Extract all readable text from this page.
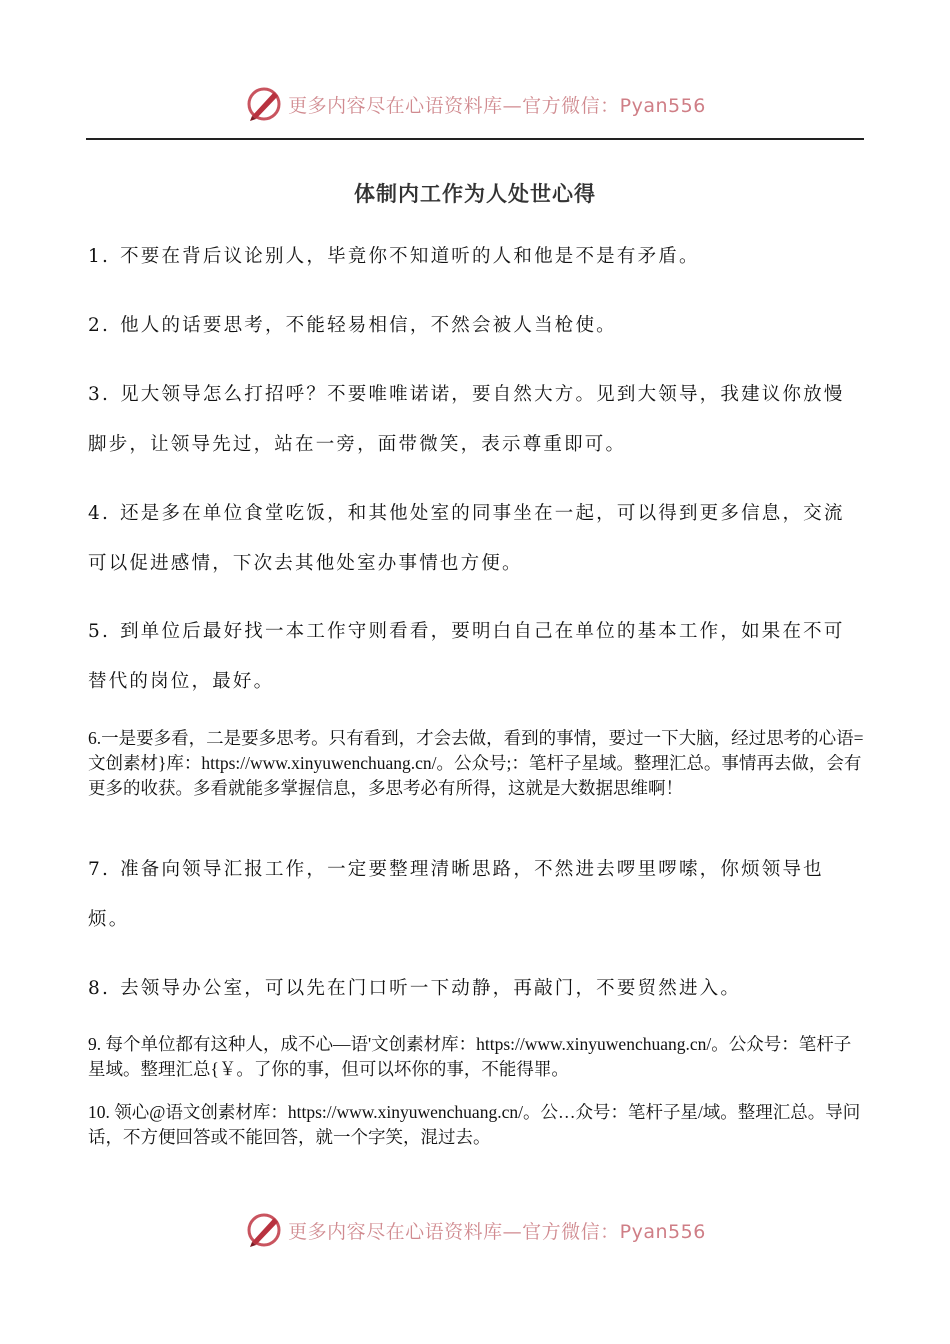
更多内容尽在心语资料库—官方微信：Pyan556
体制内工作为人处世心得

1. 不要在背后议论别人，毕竟你不知道听的人和他是不是有矛盾。

2. 他人的话要思考，不能轻易相信，不然会被人当枪使。

3. 见大领导怎么打招呼？不要唯唯诺诺，要自然大方。见到大领导，我建议你放慢脚步，让领导先过，站在一旁，面带微笑，表示尊重即可。

4. 还是多在单位食堂吃饭，和其他处室的同事坐在一起，可以得到更多信息，交流可以促进感情，下次去其他处室办事情也方便。

5. 到单位后最好找一本工作守则看看，要明白自己在单位的基本工作，如果在不可替代的岗位，最好。

6.一是要多看，二是要多思考。只有看到，才会去做，看到的事情，要过一下大脑，经过思考的心语=文创素材}库：https://www.xinyuwenchuang.cn/。公众号;：笔杆子星域。整理汇总。事情再去做，会有更多的收获。多看就能多掌握信息，多思考必有所得，这就是大数据思维啊！

7. 准备向领导汇报工作，一定要整理清晰思路，不然进去啰里啰嗦，你烦领导也烦。

8. 去领导办公室，可以先在门口听一下动静，再敲门，不要贸然进入。

9. 每个单位都有这种人，成不心—语'文创素材库：https://www.xinyuwenchuang.cn/。公众号：笔杆子星域。整理汇总{￥。了你的事，但可以坏你的事，不能得罪。

10. 领心@语文创素材库：https://www.xinyuwenchuang.cn/。公…众号：笔杆子星/域。整理汇总。导问话，不方便回答或不能回答，就一个字笑，混过去。

更多内容尽在心语资料库—官方微信：Pyan556
